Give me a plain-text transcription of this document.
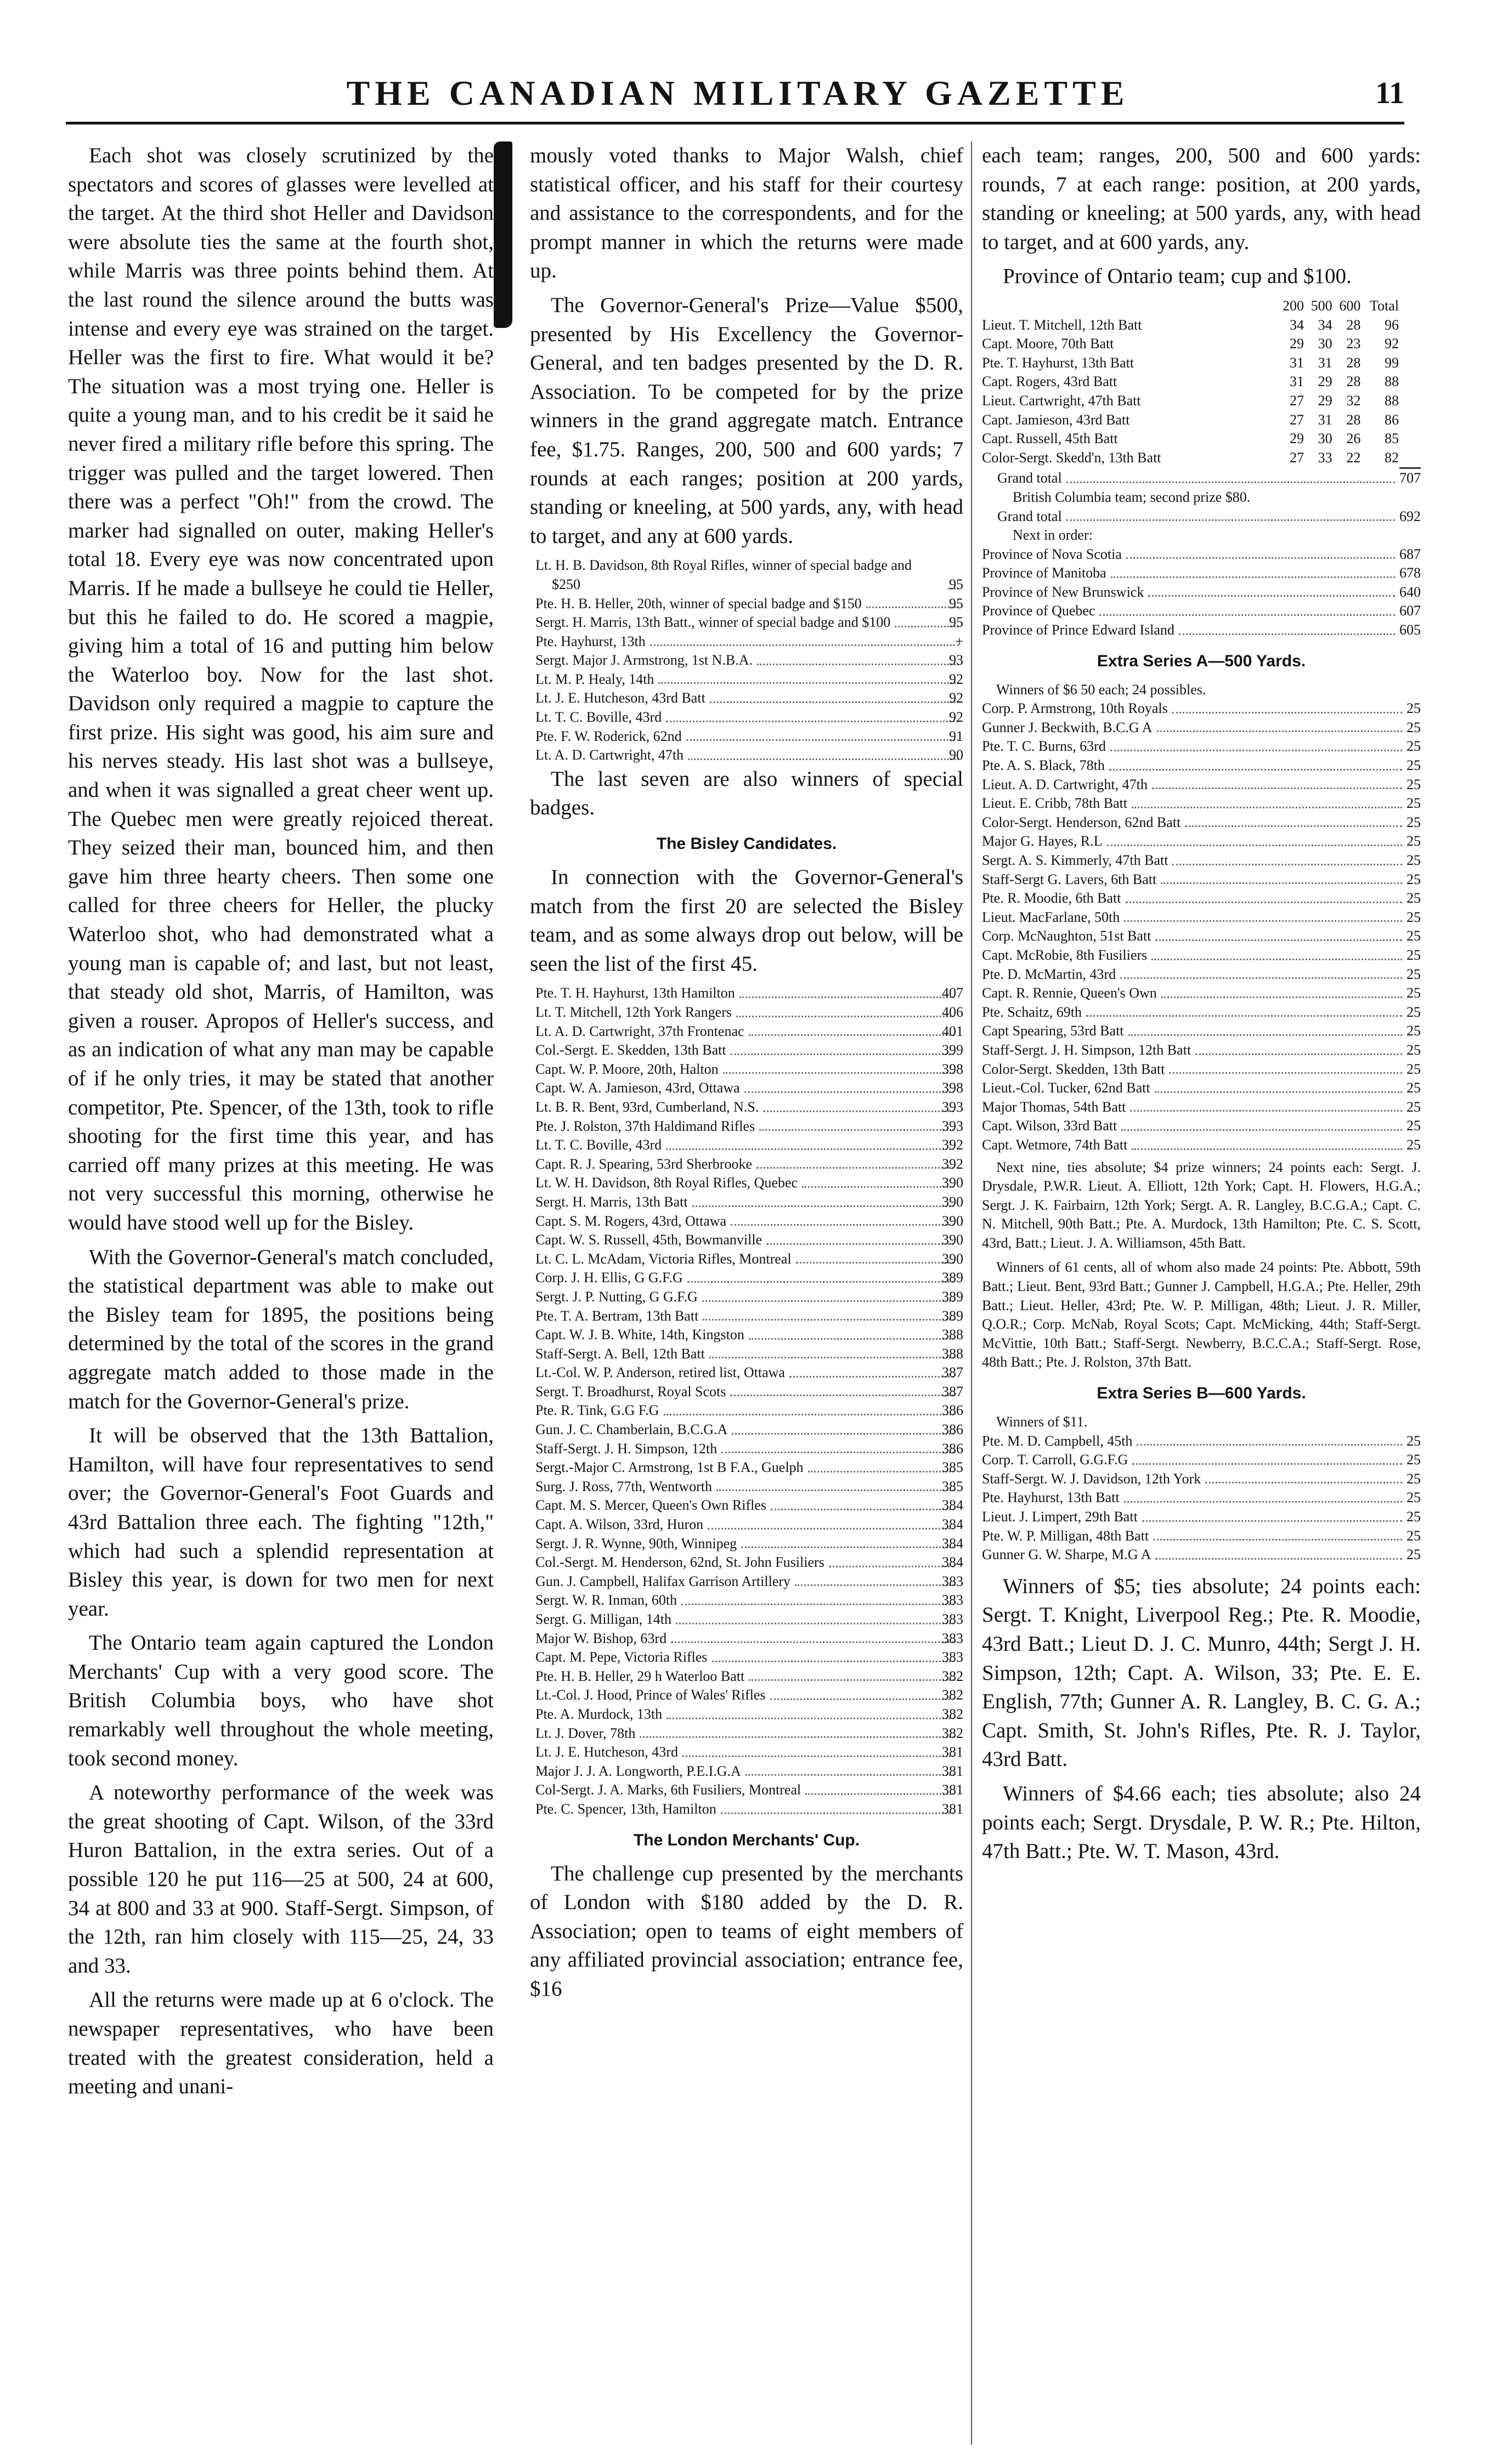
THE CANADIAN MILITARY GAZETTE	11

Each shot was closely scrutinized by the spectators and scores of glasses were levelled at the target. At the third shot Heller and Davidson were absolute ties the same at the fourth shot, while Marris was three points behind them. At the last round the silence around the butts was intense and every eye was strained on the target. Heller was the first to fire. What would it be? The situation was a most trying one. Heller is quite a young man, and to his credit be it said he never fired a military rifle before this spring. The trigger was pulled and the target lowered. Then there was a perfect "Oh!" from the crowd. The marker had signalled on outer, making Heller's total 18. Every eye was now concentrated upon Marris. If he made a bullseye he could tie Heller, but this he failed to do. He scored a magpie, giving him a total of 16 and putting him below the Waterloo boy. Now for the last shot. Davidson only required a magpie to capture the first prize. His sight was good, his aim sure and his nerves steady. His last shot was a bullseye, and when it was signalled a great cheer went up. The Quebec men were greatly rejoiced thereat. They seized their man, bounced him, and then gave him three hearty cheers. Then some one called for three cheers for Heller, the plucky Waterloo shot, who had demonstrated what a young man is capable of; and last, but not least, that steady old shot, Marris, of Hamilton, was given a rouser. Apropos of Heller's success, and as an indication of what any man may be capable of if he only tries, it may be stated that another competitor, Pte. Spencer, of the 13th, took to rifle shooting for the first time this year, and has carried off many prizes at this meeting. He was not very successful this morning, otherwise he would have stood well up for the Bisley.

With the Governor-General's match concluded, the statistical department was able to make out the Bisley team for 1895, the positions being determined by the total of the scores in the grand aggregate match added to those made in the match for the Governor-General's prize.

It will be observed that the 13th Battalion, Hamilton, will have four representatives to send over; the Governor-General's Foot Guards and 43rd Battalion three each. The fighting "12th," which had such a splendid representation at Bisley this year, is down for two men for next year.

The Ontario team again captured the London Merchants' Cup with a very good score. The British Columbia boys, who have shot remarkably well throughout the whole meeting, took second money.

A noteworthy performance of the week was the great shooting of Capt. Wilson, of the 33rd Huron Battalion, in the extra series. Out of a possible 120 he put 116—25 at 500, 24 at 600, 34 at 800 and 33 at 900. Staff-Sergt. Simpson, of the 12th, ran him closely with 115—25, 24, 33 and 33.

All the returns were made up at 6 o'clock. The newspaper representatives, who have been treated with the greatest consideration, held a meeting and unani-

mously voted thanks to Major Walsh, chief statistical officer, and his staff for their courtesy and assistance to the correspondents, and for the prompt manner in which the returns were made up.

The Governor-General's Prize—Value $500, presented by His Excellency the Governor-General, and ten badges presented by the D. R. Association. To be competed for by the prize winners in the grand aggregate match. Entrance fee, $1.75. Ranges, 200, 500 and 600 yards; 7 rounds at each ranges; position at 200 yards, standing or kneeling, at 500 yards, any, with head to target, and any at 600 yards.

Lt. H. B. Davidson, 8th Royal Rifles, winner of special badge and $250	95
Pte. H. B. Heller, 20th, winner of special badge and $150	95
Sergt. H. Marris, 13th Batt., winner of special badge and $100	95
Pte. Hayhurst, 13th	+
Sergt. Major J. Armstrong, 1st N.B.A.	93
Lt. M. P. Healy, 14th	92
Lt. J. E. Hutcheson, 43rd Batt	92
Lt. T. C. Boville, 43rd	92
Pte. F. W. Roderick, 62nd	91
Lt. A. D. Cartwright, 47th	90

The last seven are also winners of special badges.

The Bisley Candidates.

In connection with the Governor-General's match from the first 20 are selected the Bisley team, and as some always drop out below, will be seen the list of the first 45.

Pte. T. H. Hayhurst, 13th Hamilton	407
Lt. T. Mitchell, 12th York Rangers	406
Lt. A. D. Cartwright, 37th Frontenac	401
Col.-Sergt. E. Skedden, 13th Batt	399
Capt. W. P. Moore, 20th, Halton	398
Capt. W. A. Jamieson, 43rd, Ottawa	398
Lt. B. R. Bent, 93rd, Cumberland, N.S.	393
Pte. J. Rolston, 37th Haldimand Rifles	393
Lt. T. C. Boville, 43rd	392
Capt. R. J. Spearing, 53rd Sherbrooke	392
Lt. W. H. Davidson, 8th Royal Rifles, Quebec	390
Sergt. H. Marris, 13th Batt	390
Capt. S. M. Rogers, 43rd, Ottawa	390
Capt. W. S. Russell, 45th, Bowmanville	390
Lt. C. L. McAdam, Victoria Rifles, Montreal	390
Corp. J. H. Ellis, G G.F.G	389
Sergt. J. P. Nutting, G G.F.G	389
Pte. T. A. Bertram, 13th Batt	389
Capt. W. J. B. White, 14th, Kingston	388
Staff-Sergt. A. Bell, 12th Batt	388
Lt.-Col. W. P. Anderson, retired list, Ottawa	387
Sergt. T. Broadhurst, Royal Scots	387
Pte. R. Tink, G.G F.G	386
Gun. J. C. Chamberlain, B.C.G.A	386
Staff-Sergt. J. H. Simpson, 12th	386
Sergt.-Major C. Armstrong, 1st B F.A., Guelph	385
Surg. J. Ross, 77th, Wentworth	385
Capt. M. S. Mercer, Queen's Own Rifles	384
Capt. A. Wilson, 33rd, Huron	384
Sergt. J. R. Wynne, 90th, Winnipeg	384
Col.-Sergt. M. Henderson, 62nd, St. John Fusiliers	384
Gun. J. Campbell, Halifax Garrison Artillery	383
Sergt. W. R. Inman, 60th	383
Sergt. G. Milligan, 14th	383
Major W. Bishop, 63rd	383
Capt. M. Pepe, Victoria Rifles	383
Pte. H. B. Heller, 29 h Waterloo Batt	382
Lt.-Col. J. Hood, Prince of Wales' Rifles	382
Pte. A. Murdock, 13th	382
Lt. J. Dover, 78th	382
Lt. J. E. Hutcheson, 43rd	381
Major J. J. A. Longworth, P.E.I.G.A	381
Col-Sergt. J. A. Marks, 6th Fusiliers, Montreal	381
Pte. C. Spencer, 13th, Hamilton	381
The London Merchants' Cup.

The challenge cup presented by the merchants of London with $180 added by the D. R. Association; open to teams of eight members of any affiliated provincial association; entrance fee, $16

each team; ranges, 200, 500 and 600 yards: rounds, 7 at each range: position, at 200 yards, standing or kneeling; at 500 yards, any, with head to target, and at 600 yards, any.

Province of Ontario team; cup and $100.

	200	500	600	Total
Lieut. T. Mitchell, 12th Batt	34	34	28	96
Capt. Moore, 70th Batt	29	30	23	92
Pte. T. Hayhurst, 13th Batt	31	31	28	99
Capt. Rogers, 43rd Batt	31	29	28	88
Lieut. Cartwright, 47th Batt	27	29	32	88
Capt. Jamieson, 43rd Batt	27	31	28	86
Capt. Russell, 45th Batt	29	30	26	85
Color-Sergt. Skedd'n, 13th Batt	27	33	22	82
Grand total	707
British Columbia team; second prize $80.
Grand total	692
Next in order:
Province of Nova Scotia	687
Province of Manitoba	678
Province of New Brunswick	640
Province of Quebec	607
Province of Prince Edward Island	605
Extra Series A—500 Yards.
Winners of $6 50 each; 24 possibles.
Corp. P. Armstrong, 10th Royals	25
Gunner J. Beckwith, B.C.G A	25
Pte. T. C. Burns, 63rd	25
Pte. A. S. Black, 78th	25
Lieut. A. D. Cartwright, 47th	25
Lieut. E. Cribb, 78th Batt	25
Color-Sergt. Henderson, 62nd Batt	25
Major G. Hayes, R.L	25
Sergt. A. S. Kimmerly, 47th Batt	25
Staff-Sergt G. Lavers, 6th Batt	25
Pte. R. Moodie, 6th Batt	25
Lieut. MacFarlane, 50th	25
Corp. McNaughton, 51st Batt	25
Capt. McRobie, 8th Fusiliers	25
Pte. D. McMartin, 43rd	25
Capt. R. Rennie, Queen's Own	25
Pte. Schaitz, 69th	25
Capt Spearing, 53rd Batt	25
Staff-Sergt. J. H. Simpson, 12th Batt	25
Color-Sergt. Skedden, 13th Batt	25
Lieut.-Col. Tucker, 62nd Batt	25
Major Thomas, 54th Batt	25
Capt. Wilson, 33rd Batt	25
Capt. Wetmore, 74th Batt	25
Next nine, ties absolute; $4 prize winners; 24 points each: Sergt. J. Drysdale, P.W.R. Lieut. A. Elliott, 12th York; Capt. H. Flowers, H.G.A.; Sergt. J. K. Fairbairn, 12th York; Sergt. A. R. Langley, B.C.G.A.; Capt. C. N. Mitchell, 90th Batt.; Pte. A. Murdock, 13th Hamilton; Pte. C. S. Scott, 43rd, Batt.; Lieut. J. A. Williamson, 45th Batt.
Winners of 61 cents, all of whom also made 24 points: Pte. Abbott, 59th Batt.; Lieut. Bent, 93rd Batt.; Gunner J. Campbell, H.G.A.; Pte. Heller, 29th Batt.; Lieut. Heller, 43rd; Pte. W. P. Milligan, 48th; Lieut. J. R. Miller, Q.O.R.; Corp. McNab, Royal Scots; Capt. McMicking, 44th; Staff-Sergt. McVittie, 10th Batt.; Staff-Sergt. Newberry, B.C.C.A.; Staff-Sergt. Rose, 48th Batt.; Pte. J. Rolston, 37th Batt.
Extra Series B—600 Yards.
Winners of $11.
Pte. M. D. Campbell, 45th	25
Corp. T. Carroll, G.G.F.G	25
Staff-Sergt. W. J. Davidson, 12th York	25
Pte. Hayhurst, 13th Batt	25
Lieut. J. Limpert, 29th Batt	25
Pte. W. P. Milligan, 48th Batt	25
Gunner G. W. Sharpe, M.G A	25

Winners of $5; ties absolute; 24 points each: Sergt. T. Knight, Liverpool Reg.; Pte. R. Moodie, 43rd Batt.; Lieut D. J. C. Munro, 44th; Sergt J. H. Simpson, 12th; Capt. A. Wilson, 33; Pte. E. E. English, 77th; Gunner A. R. Langley, B. C. G. A.; Capt. Smith, St. John's Rifles, Pte. R. J. Taylor, 43rd Batt.

Winners of $4.66 each; ties absolute; also 24 points each; Sergt. Drysdale, P. W. R.; Pte. Hilton, 47th Batt.; Pte. W. T. Mason, 43rd.
